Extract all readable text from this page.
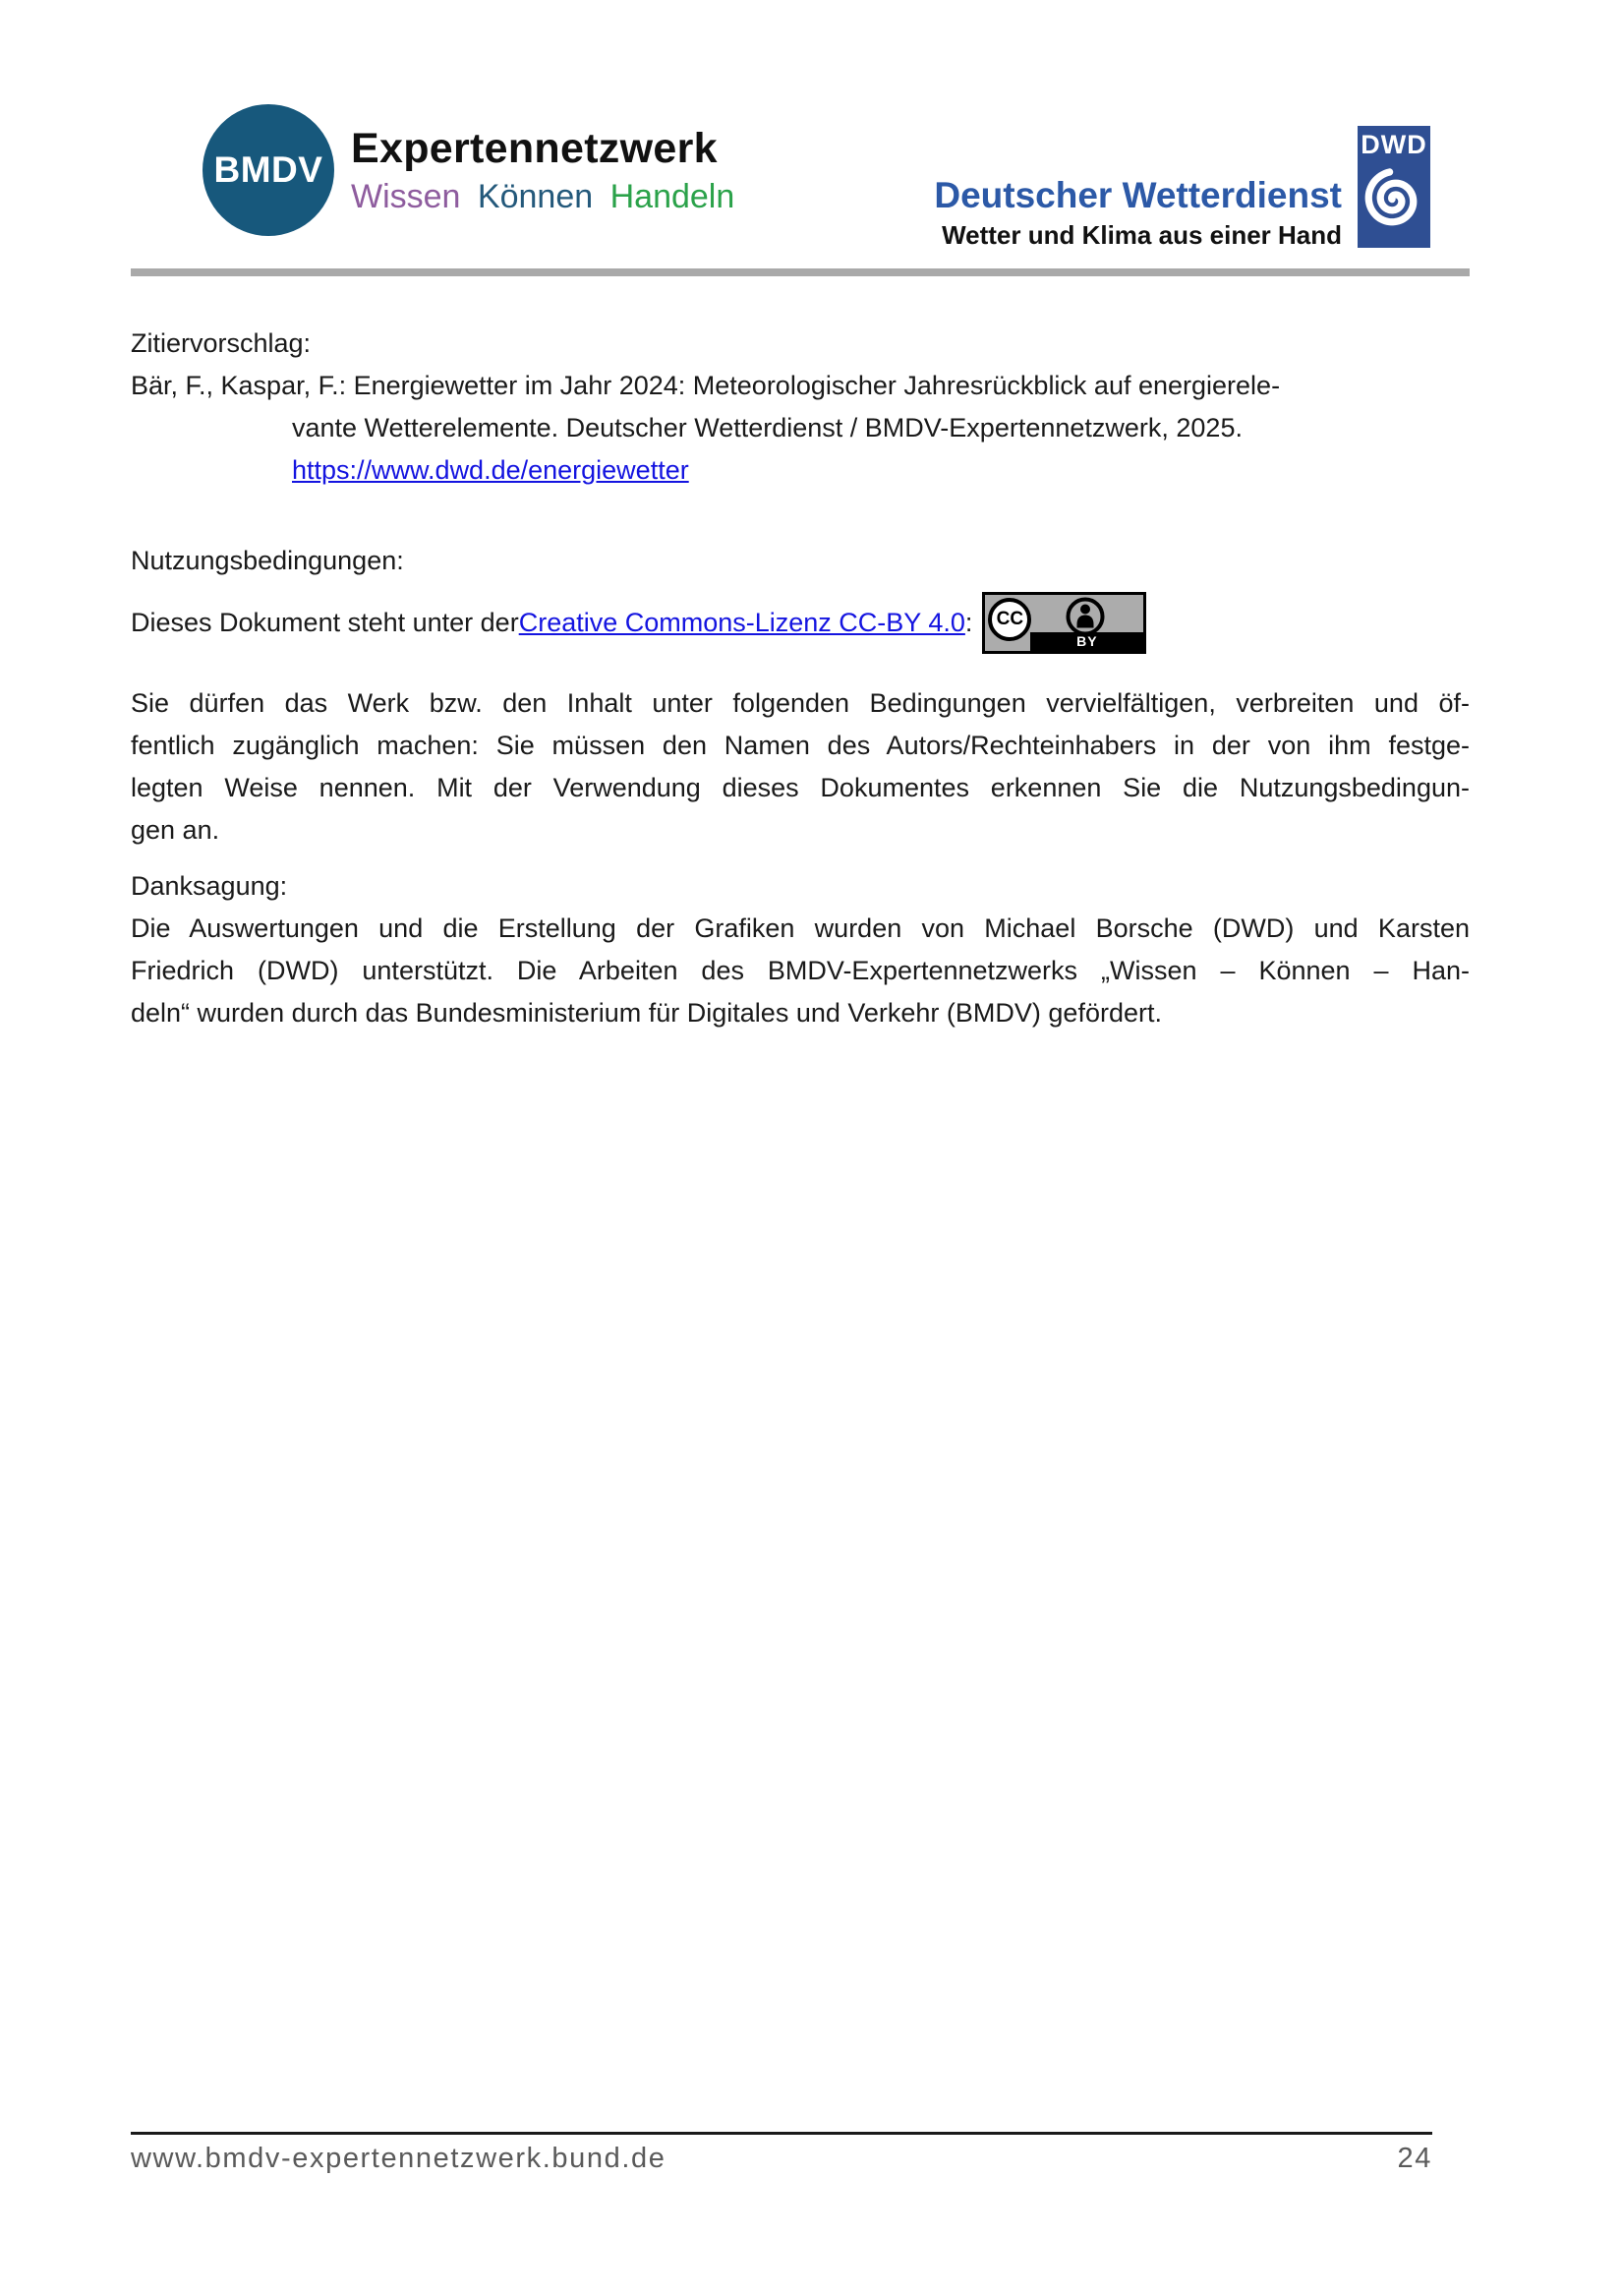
BMDV Expertennetzwerk
Wissen Können Handeln	Deutscher Wetterdienst
Wetter und Klima aus einer Hand
DWD
Zitiervorschlag:
Bär, F., Kaspar, F.: Energiewetter im Jahr 2024: Meteorologischer Jahresrückblick auf energierele-
vante Wetterelemente. Deutscher Wetterdienst / BMDV-Expertennetzwerk, 2025.
https://www.dwd.de/energiewetter
Nutzungsbedingungen:
Dieses Dokument steht unter der Creative Commons-Lizenz CC-BY 4.0 :
BY
CC
Sie dürfen das Werk bzw. den Inhalt unter folgenden Bedingungen vervielfältigen, verbreiten und öf-
fentlich zugänglich machen: Sie müssen den Namen des Autors/Rechteinhabers in der von ihm festge-
legten Weise nennen. Mit der Verwendung dieses Dokumentes erkennen Sie die Nutzungsbedingun-
gen an.
Danksagung:
Die Auswertungen und die Erstellung der Grafiken wurden von Michael Borsche (DWD) und Karsten
Friedrich (DWD) unterstützt. Die Arbeiten des BMDV-Expertennetzwerks „Wissen – Können – Han-
deln“ wurden durch das Bundesministerium für Digitales und Verkehr (BMDV) gefördert.
www.bmdv-expertennetzwerk.bund.de	24
